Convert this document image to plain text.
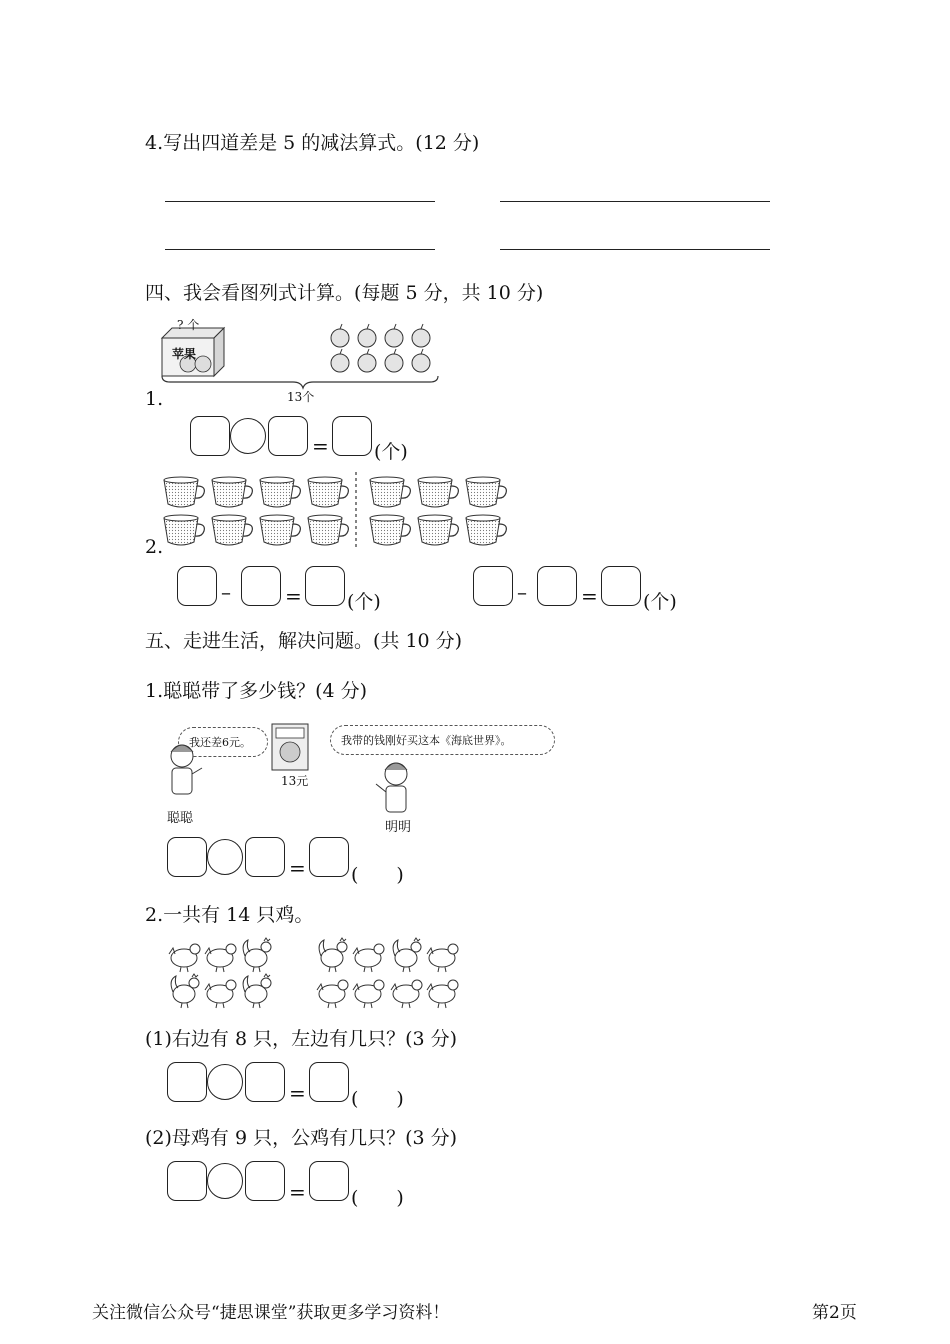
4.写出四道差是 5 的减法算式。(12 分)
四、我会看图列式计算。(每题 5 分，共 10 分)
? 个
苹果
13个
1.
= (个)
2.
–	= (个)	–	= (个)
五、走进生活，解决问题。(共 10 分)
1.聪聪带了多少钱？(4 分)
我还差6元。	我带的钱刚好买这本《海底世界》。
13元
聪聪
明明
= (　　)
2.一共有 14 只鸡。
(1)右边有 8 只，左边有几只？(3 分)
= (　　)
(2)母鸡有 9 只，公鸡有几只？(3 分)
= (　　)
关注微信公众号“捷思课堂”获取更多学习资料！	第2页
